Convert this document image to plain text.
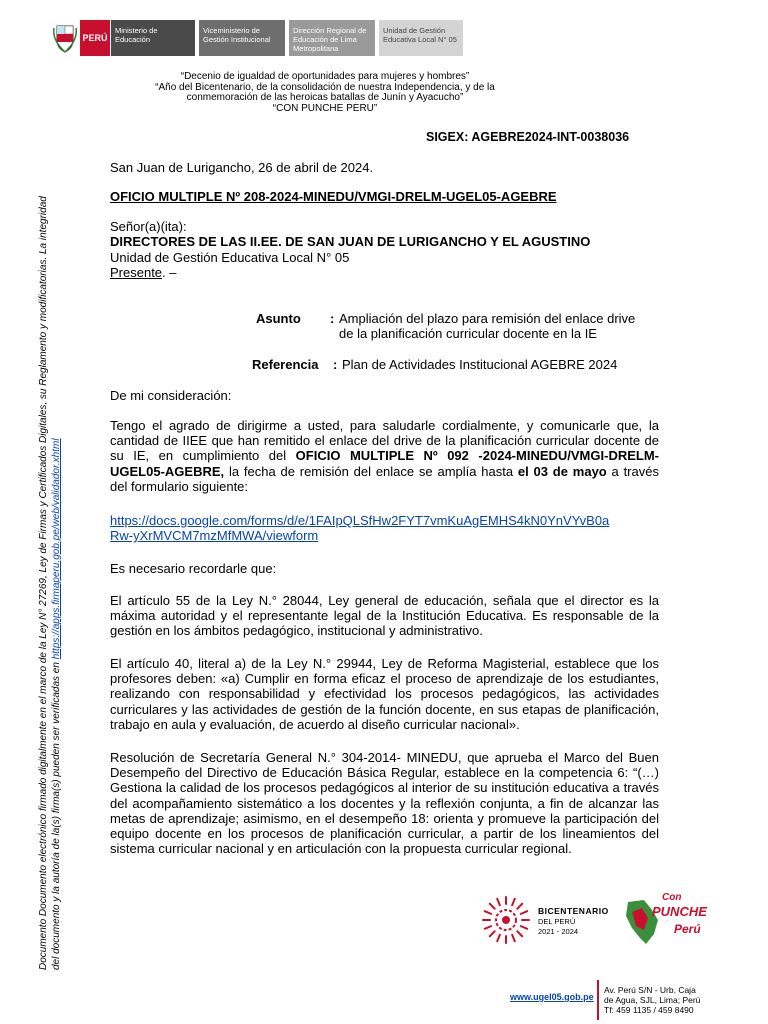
PERÚ
Ministerio de Educación
Viceministerio de Gestión Institucional
Dirección Regional de Educación de Lima Metropolitana
Unidad de Gestión Educativa Local N° 05
“Decenio de igualdad de oportunidades para mujeres y hombres”
“Año del Bicentenario, de la consolidación de nuestra Independencia, y de la
conmemoración de las heroicas batallas de Junín y Ayacucho”
“CON PUNCHE PERU”
SIGEX: AGEBRE2024-INT-0038036
San Juan de Lurigancho, 26 de abril de 2024.
OFICIO MULTIPLE Nº 208-2024-MINEDU/VMGI-DRELM-UGEL05-AGEBRE
Señor(a)(ita):
DIRECTORES DE LAS II.EE. DE SAN JUAN DE LURIGANCHO Y EL AGUSTINO
Unidad de Gestión Educativa Local N° 05
Presente. –
Asunto : Ampliación del plazo para remisión del enlace drive
de la planificación curricular docente en la IE
Referencia : Plan de Actividades Institucional AGEBRE 2024
De mi consideración:
Tengo el agrado de dirigirme a usted, para saludarle cordialmente, y comunicarle que, la cantidad de IIEE que han remitido el enlace del drive de la planificación curricular docente de su IE, en cumplimiento del OFICIO MULTIPLE Nº 092 -2024-MINEDU/VMGI-DRELM-UGEL05-AGEBRE, la fecha de remisión del enlace se amplía hasta el 03 de mayo a través del formulario siguiente:
https://docs.google.com/forms/d/e/1FAIpQLSfHw2FYT7vmKuAgEMHS4kN0YnVYvB0a
Rw-yXrMVCM7mzMfMWA/viewform
Es necesario recordarle que:
El artículo 55 de la Ley N.° 28044, Ley general de educación, señala que el director es la máxima autoridad y el representante legal de la Institución Educativa. Es responsable de la gestión en los ámbitos pedagógico, institucional y administrativo.
El artículo 40, literal a) de la Ley N.° 29944, Ley de Reforma Magisterial, establece que los profesores deben: «a) Cumplir en forma eficaz el proceso de aprendizaje de los estudiantes, realizando con responsabilidad y efectividad los procesos pedagógicos, las actividades curriculares y las actividades de gestión de la función docente, en sus etapas de planificación, trabajo en aula y evaluación, de acuerdo al diseño curricular nacional».
Resolución de Secretaría General N.° 304-2014- MINEDU, que aprueba el Marco del Buen Desempeño del Directivo de Educación Básica Regular, establece en la competencia 6: “(…) Gestiona la calidad de los procesos pedagógicos al interior de su institución educativa a través del acompañamiento sistemático a los docentes y la reflexión conjunta, a fin de alcanzar las metas de aprendizaje; asimismo, en el desempeño 18: orienta y promueve la participación del equipo docente en los procesos de planificación curricular, a partir de los lineamientos del sistema curricular nacional y en articulación con la propuesta curricular regional.
Documento Documento electrónico firmado digitalmente en el marco de la Ley N° 27269, Ley de Firmas y Certificados Digitales, su Reglamento y modificatorias. La integridad del documento y la autoría de la(s) firma(s) pueden ser verificadas en https://apps.firmaperu.gob.pe/web/validador.xhtml
BICENTENARIO
DEL PERÚ
2021 - 2024
Con
PUNCHE
Perú
www.ugel05.gob.pe
Av. Perú S/N - Urb. Caja
de Agua, SJL, Lima; Perú
Tf: 459 1135 / 459 8490
